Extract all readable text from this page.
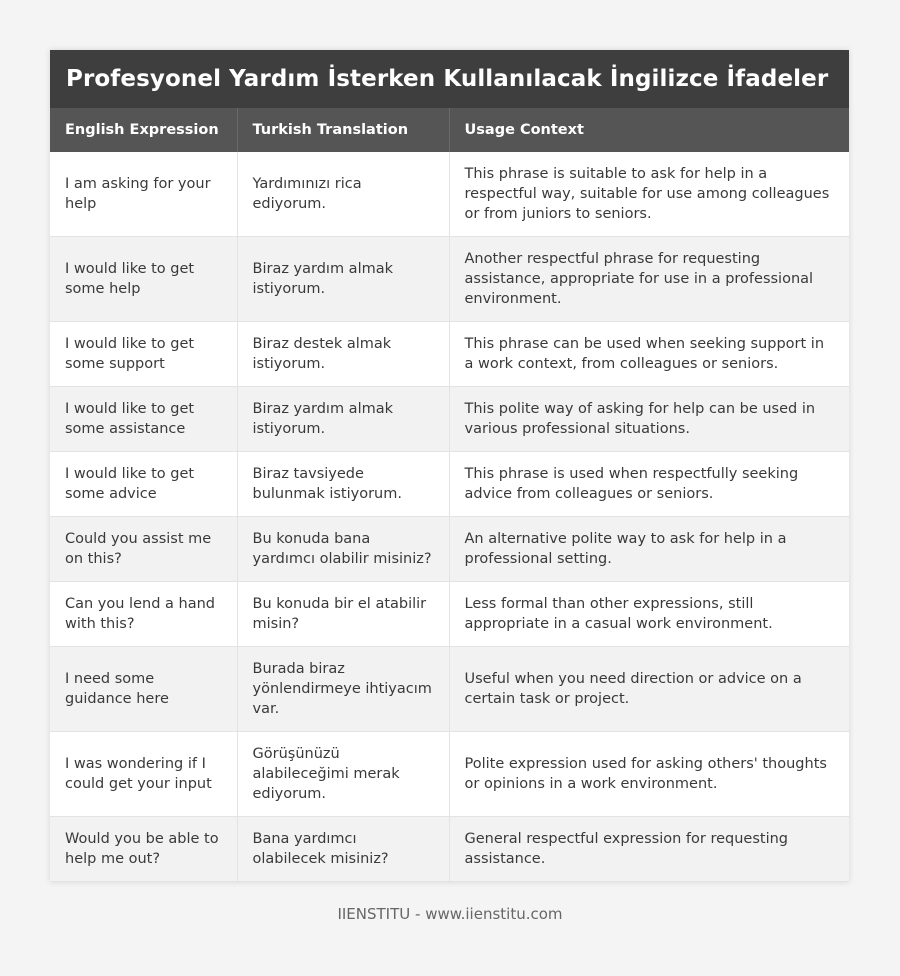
Profesyonel Yardım İsterken Kullanılacak İngilizce İfadeler
English Expression	Turkish Translation	Usage Context
I am asking for your help	Yardımınızı rica ediyorum.	This phrase is suitable to ask for help in a respectful way, suitable for use among colleagues or from juniors to seniors.
I would like to get some help	Biraz yardım almak istiyorum.	Another respectful phrase for requesting assistance, appropriate for use in a professional environment.
I would like to get some support	Biraz destek almak istiyorum.	This phrase can be used when seeking support in a work context, from colleagues or seniors.
I would like to get some assistance	Biraz yardım almak istiyorum.	This polite way of asking for help can be used in various professional situations.
I would like to get some advice	Biraz tavsiyede bulunmak istiyorum.	This phrase is used when respectfully seeking advice from colleagues or seniors.
Could you assist me on this?	Bu konuda bana yardımcı olabilir misiniz?	An alternative polite way to ask for help in a professional setting.
Can you lend a hand with this?	Bu konuda bir el atabilir misin?	Less formal than other expressions, still appropriate in a casual work environment.
I need some guidance here	Burada biraz yönlendirmeye ihtiyacım var.	Useful when you need direction or advice on a certain task or project.
I was wondering if I could get your input	Görüşünüzü alabileceğimi merak ediyorum.	Polite expression used for asking others' thoughts or opinions in a work environment.
Would you be able to help me out?	Bana yardımcı olabilecek misiniz?	General respectful expression for requesting assistance.
IIENSTITU - www.iienstitu.com
